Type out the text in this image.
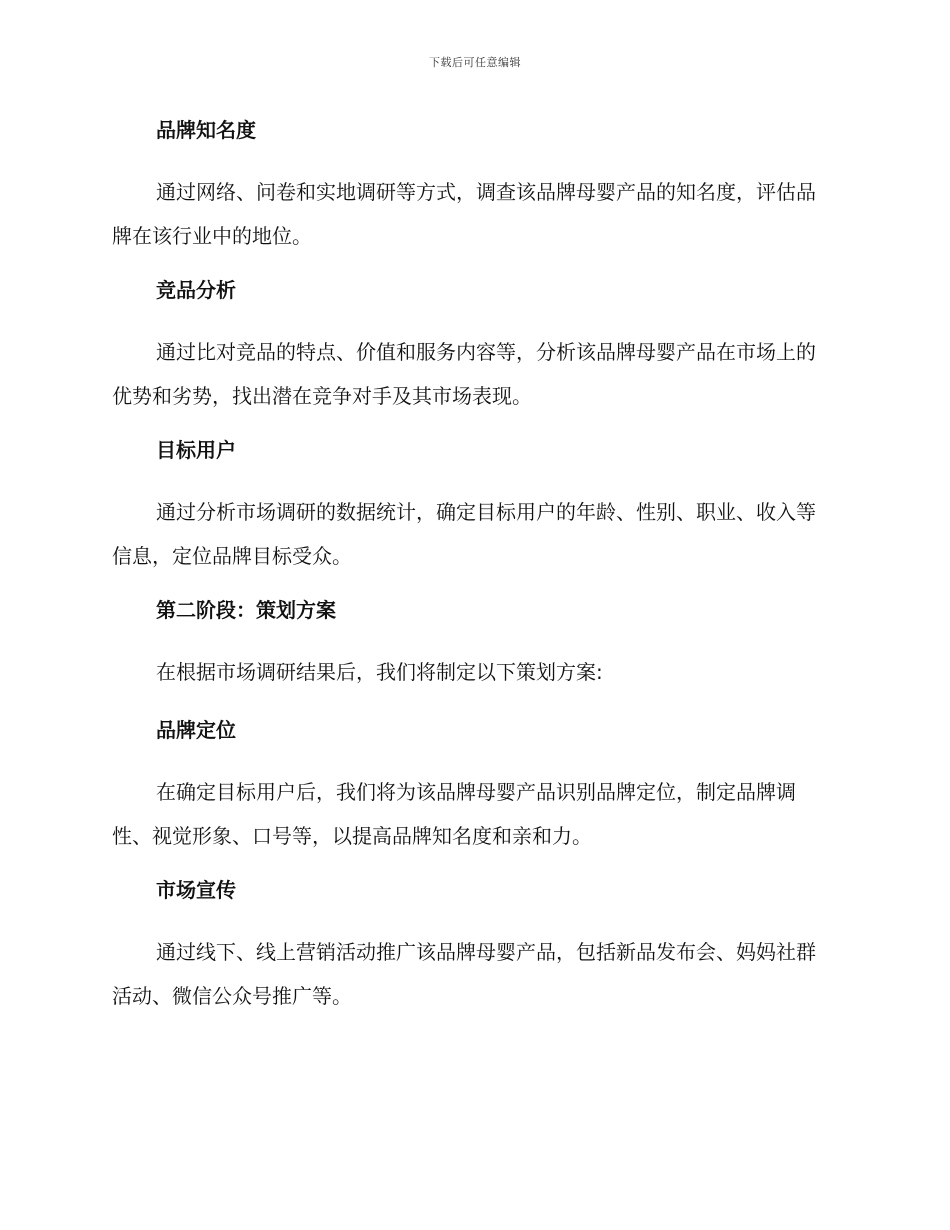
下载后可任意编辑
品牌知名度

通过网络、问卷和实地调研等方式，调查该品牌母婴产品的知名度，评估品牌在该行业中的地位。

竞品分析

通过比对竞品的特点、价值和服务内容等，分析该品牌母婴产品在市场上的优势和劣势，找出潜在竞争对手及其市场表现。

目标用户

通过分析市场调研的数据统计，确定目标用户的年龄、性别、职业、收入等信息，定位品牌目标受众。

第二阶段：策划方案

在根据市场调研结果后，我们将制定以下策划方案:

品牌定位

在确定目标用户后，我们将为该品牌母婴产品识别品牌定位，制定品牌调性、视觉形象、口号等，以提高品牌知名度和亲和力。

市场宣传

通过线下、线上营销活动推广该品牌母婴产品，包括新品发布会、妈妈社群活动、微信公众号推广等。
